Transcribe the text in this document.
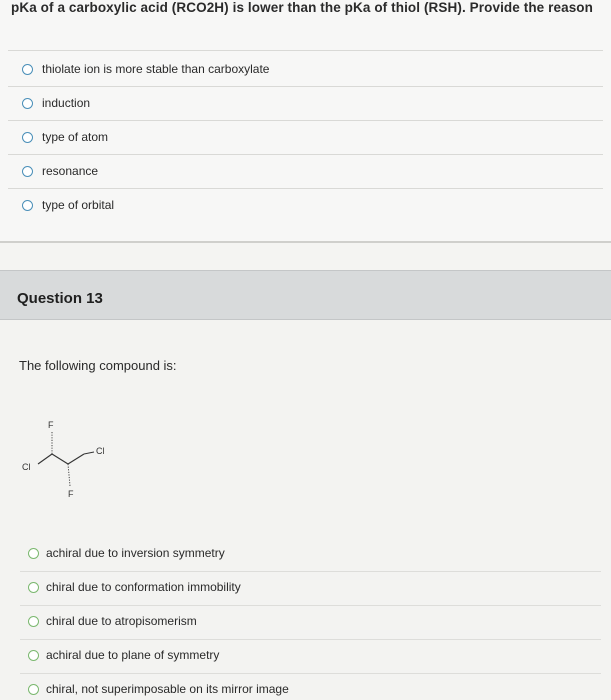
pKa of a carboxylic acid (RCO2H) is lower than the pKa of thiol (RSH). Provide the reason
thiolate ion is more stable than carboxylate
induction
type of atom
resonance
type of orbital
Question 13
The following compound is:
F
F
Cl
Cl
achiral due to inversion symmetry
chiral due to conformation immobility
chiral due to atropisomerism
achiral due to plane of symmetry
chiral, not superimposable on its mirror image
